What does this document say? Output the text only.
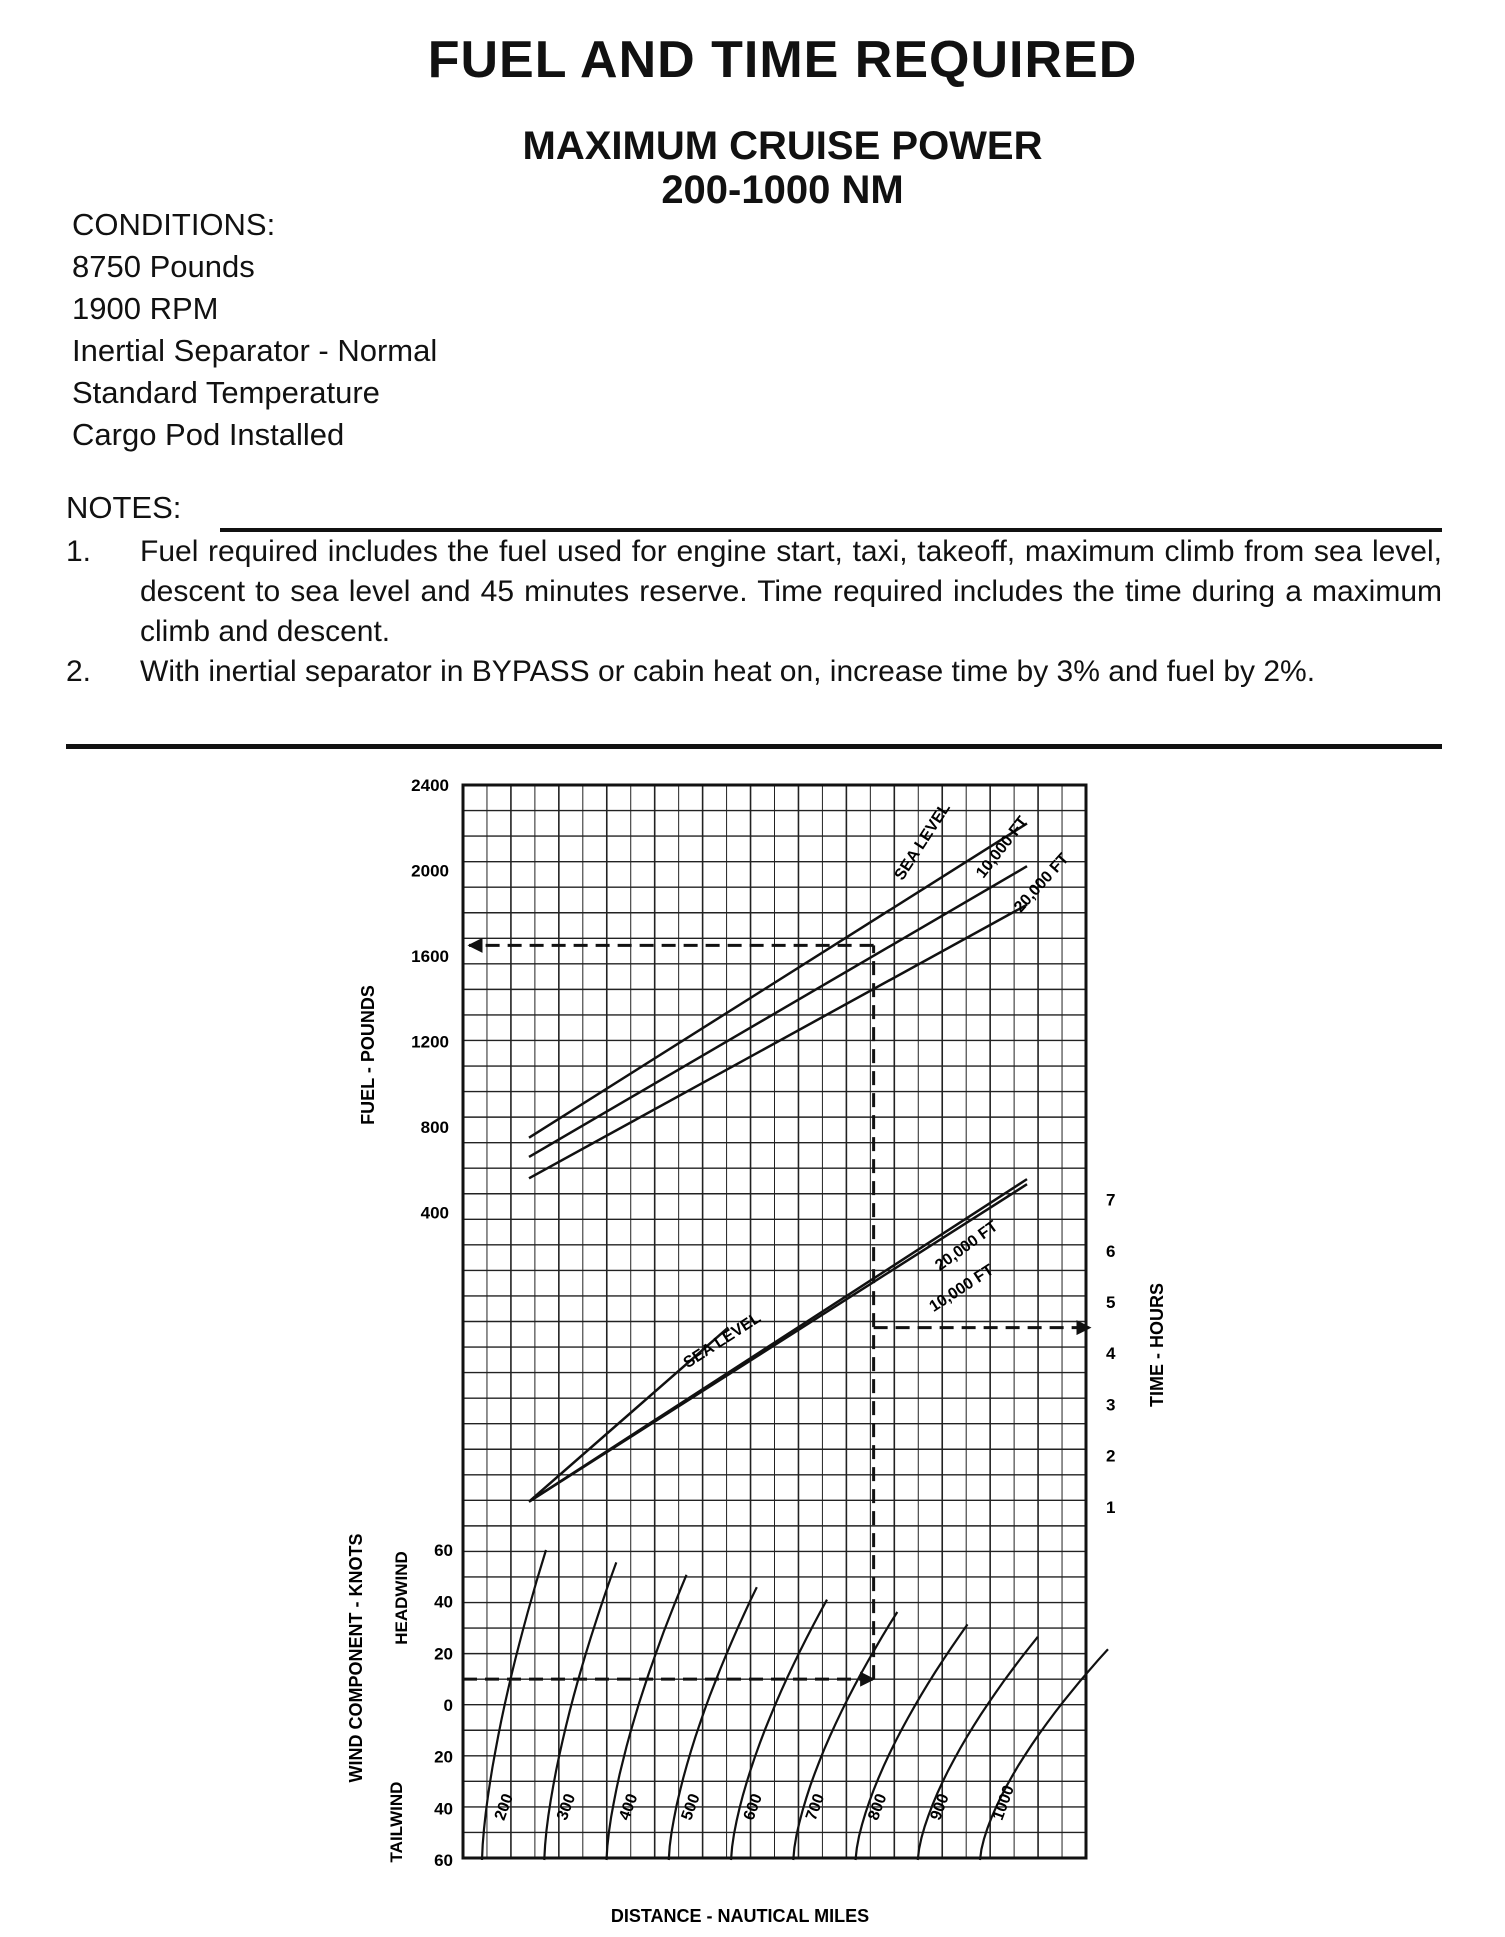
FUEL AND TIME REQUIRED
MAXIMUM CRUISE POWER
200-1000 NM
CONDITIONS:
8750 Pounds
1900 RPM
Inertial Separator - Normal
Standard Temperature
Cargo Pod Installed
NOTES:
1.	Fuel required includes the fuel used for engine start, taxi, takeoff, maximum climb from sea level, descent to sea level and 45 minutes reserve. Time required includes the time during a maximum climb and descent.
2.	With inertial separator in BYPASS or cabin heat on, increase time by 3% and fuel by 2%.
400
800
1200
1600
2000
2400
1
2
3
4
5
6
7
60
40
20
0
20
40
60
SEA LEVEL 10,000 FT
20,000 FT
SEA LEVEL
10,000 FT
20,000 FT
200 300 400 500 600 700 800 900 1000
FUEL - POUNDS
TIME - HOURS
WIND COMPONENT - KNOTS HEADWIND
TAILWIND
DISTANCE - NAUTICAL MILES
